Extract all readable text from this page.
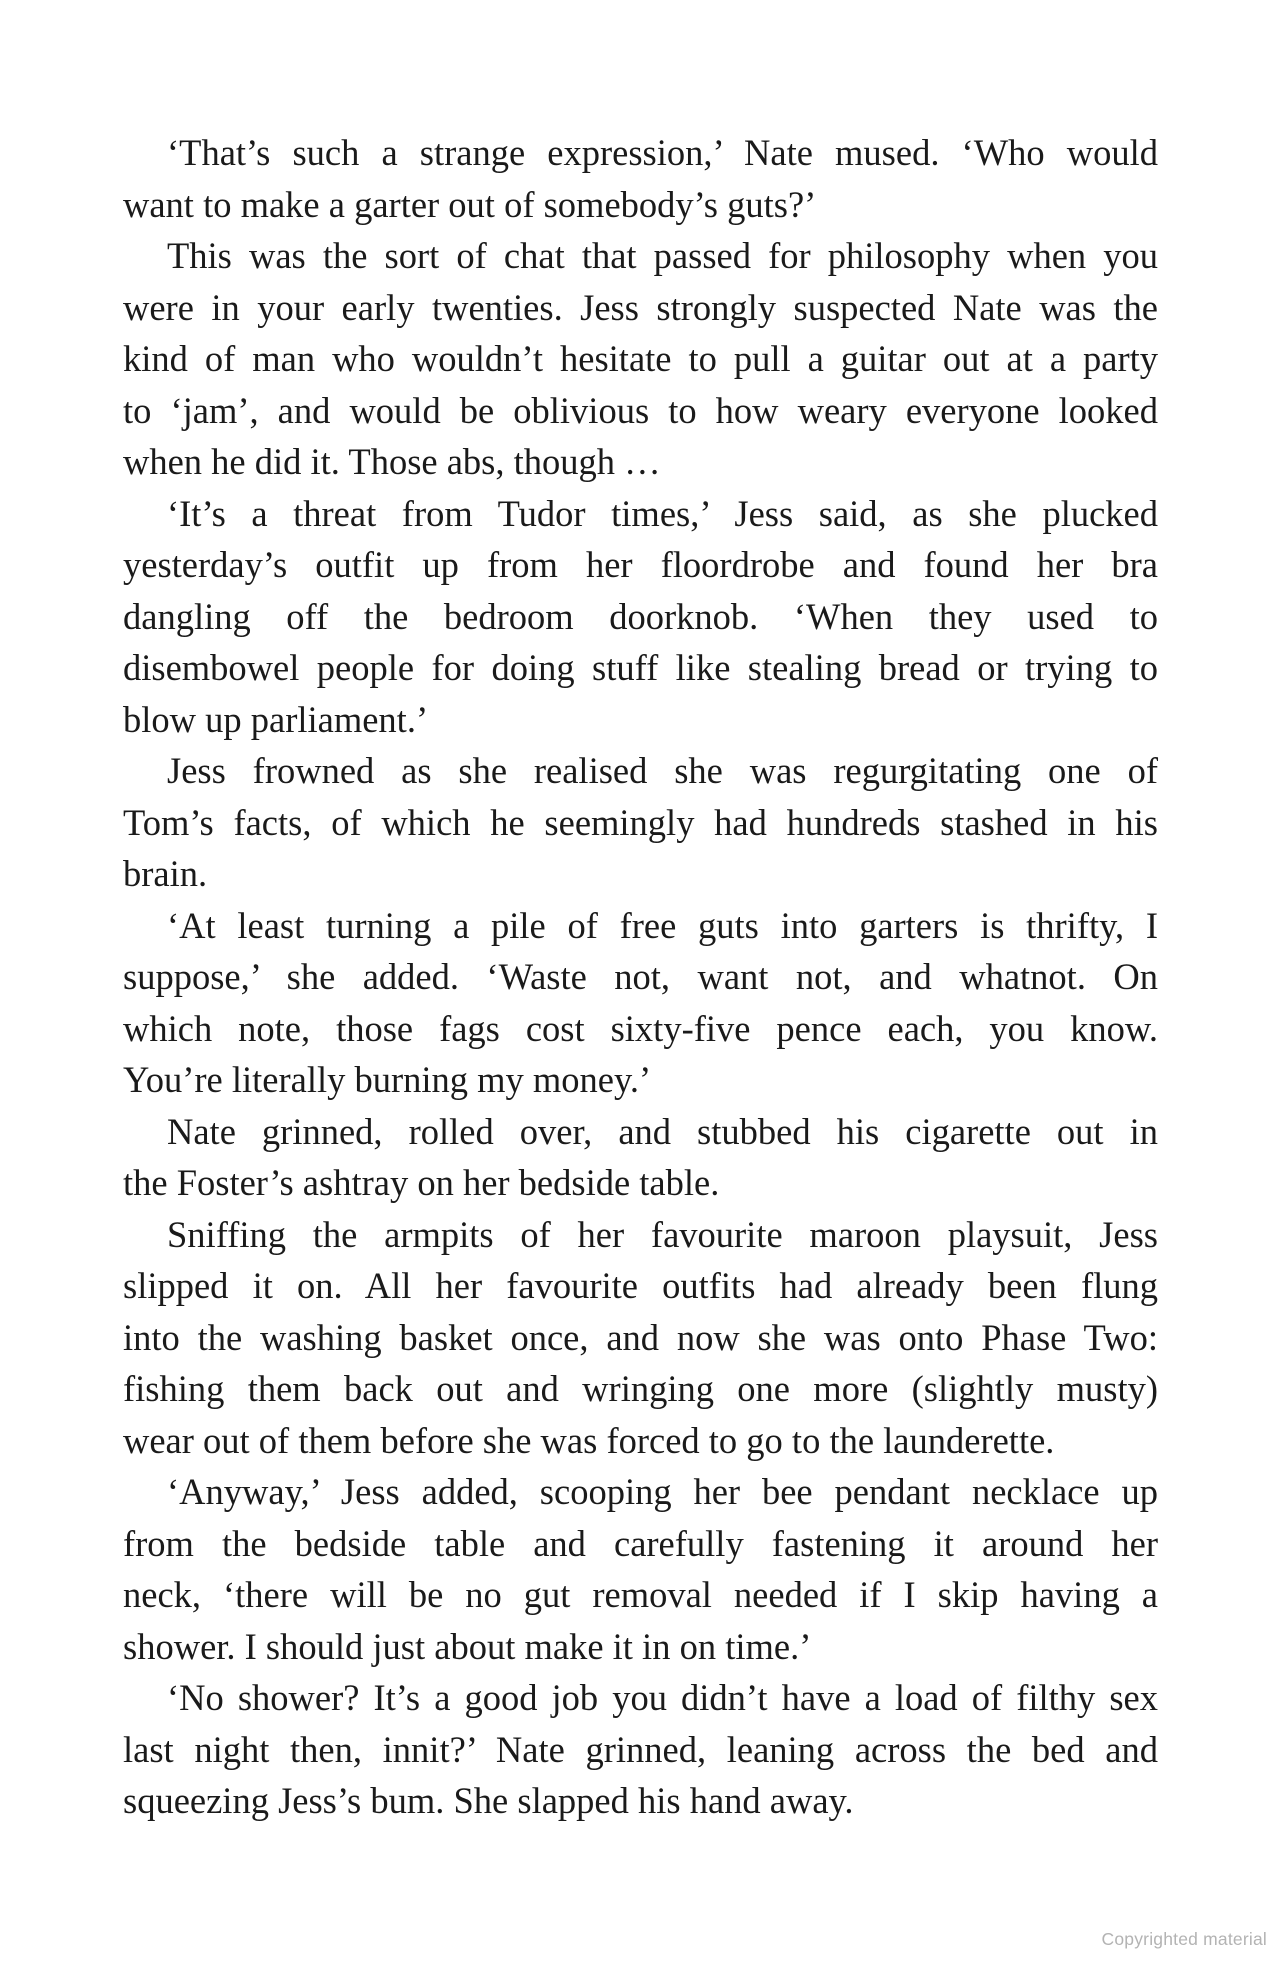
‘That’s such a strange expression,’ Nate mused. ‘Who would
want to make a garter out of somebody’s guts?’
This was the sort of chat that passed for philosophy when you
were in your early twenties. Jess strongly suspected Nate was the
kind of man who wouldn’t hesitate to pull a guitar out at a party
to ‘jam’, and would be oblivious to how weary everyone looked
when he did it. Those abs, though …
‘It’s a threat from Tudor times,’ Jess said, as she plucked
yesterday’s outfit up from her floordrobe and found her bra
dangling off the bedroom doorknob. ‘When they used to
disembowel people for doing stuff like stealing bread or trying to
blow up parliament.’
Jess frowned as she realised she was regurgitating one of
Tom’s facts, of which he seemingly had hundreds stashed in his
brain.
‘At least turning a pile of free guts into garters is thrifty, I
suppose,’ she added. ‘Waste not, want not, and whatnot. On
which note, those fags cost sixty-five pence each, you know.
You’re literally burning my money.’
Nate grinned, rolled over, and stubbed his cigarette out in
the Foster’s ashtray on her bedside table.
Sniffing the armpits of her favourite maroon playsuit, Jess
slipped it on. All her favourite outfits had already been flung
into the washing basket once, and now she was onto Phase Two:
fishing them back out and wringing one more (slightly musty)
wear out of them before she was forced to go to the launderette.
‘Anyway,’ Jess added, scooping her bee pendant necklace up
from the bedside table and carefully fastening it around her
neck, ‘there will be no gut removal needed if I skip having a
shower. I should just about make it in on time.’
‘No shower? It’s a good job you didn’t have a load of filthy sex
last night then, innit?’ Nate grinned, leaning across the bed and
squeezing Jess’s bum. She slapped his hand away.
Copyrighted material
